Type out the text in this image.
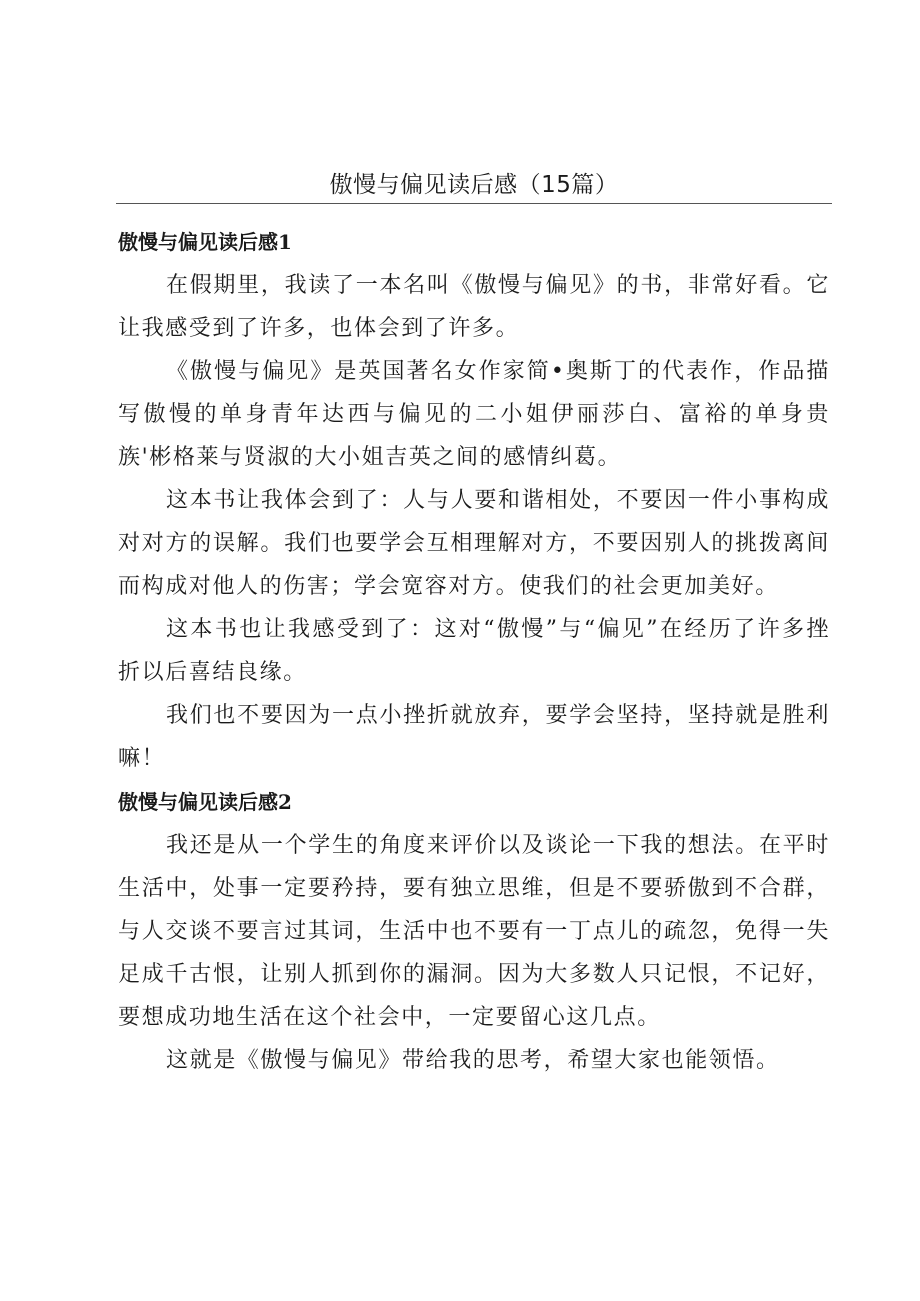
傲慢与偏见读后感（15篇）
傲慢与偏见读后感1

在假期里，我读了一本名叫《傲慢与偏见》的书，非常好看。它让我感受到了许多，也体会到了许多。

《傲慢与偏见》是英国著名女作家简•奥斯丁的代表作，作品描写傲慢的单身青年达西与偏见的二小姐伊丽莎白、富裕的单身贵族'彬格莱与贤淑的大小姐吉英之间的感情纠葛。

这本书让我体会到了：人与人要和谐相处，不要因一件小事构成对对方的误解。我们也要学会互相理解对方，不要因别人的挑拨离间而构成对他人的伤害；学会宽容对方。使我们的社会更加美好。

这本书也让我感受到了：这对“傲慢”与“偏见”在经历了许多挫折以后喜结良缘。

我们也不要因为一点小挫折就放弃，要学会坚持，坚持就是胜利嘛！

傲慢与偏见读后感2

我还是从一个学生的角度来评价以及谈论一下我的想法。在平时生活中，处事一定要矜持，要有独立思维，但是不要骄傲到不合群，与人交谈不要言过其词，生活中也不要有一丁点儿的疏忽，免得一失足成千古恨，让别人抓到你的漏洞。因为大多数人只记恨，不记好，要想成功地生活在这个社会中，一定要留心这几点。

这就是《傲慢与偏见》带给我的思考，希望大家也能领悟。
